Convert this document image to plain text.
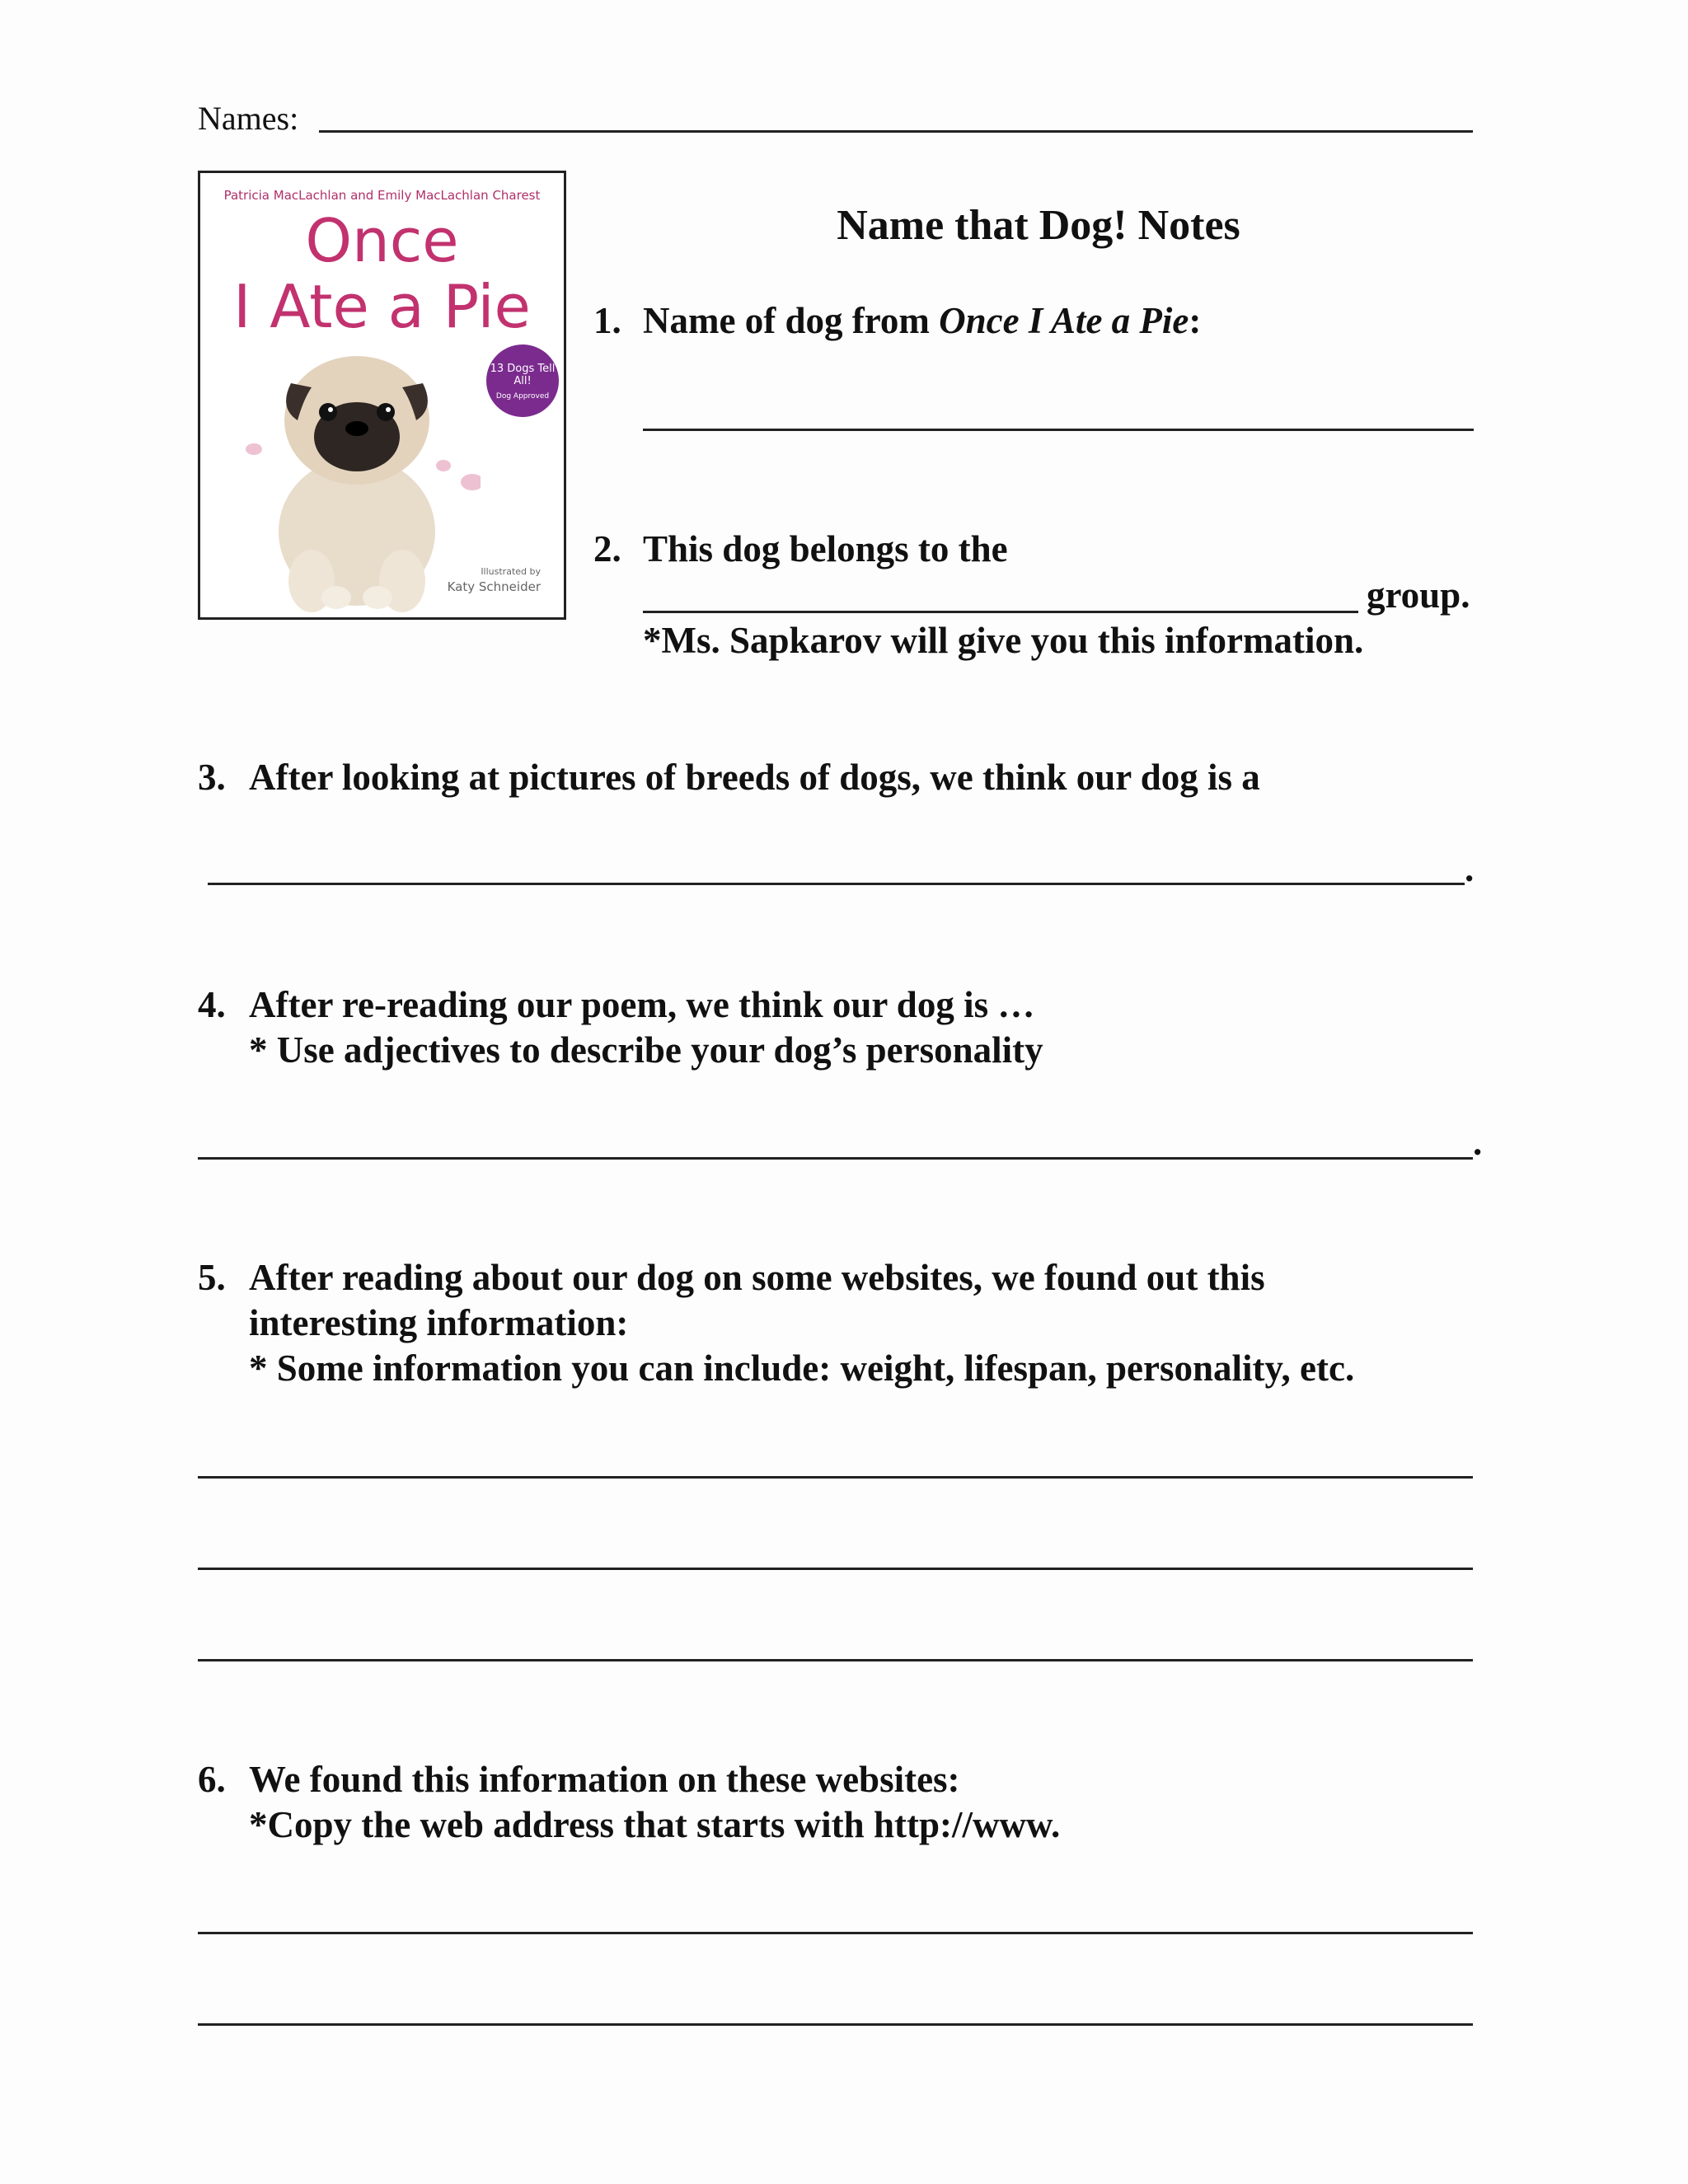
Names:
Patricia MacLachlan and Emily MacLachlan Charest
Once
I Ate a Pie
13 Dogs Tell All!
Dog Approved
Illustrated by
Katy Schneider
Name that Dog! Notes
1. Name of dog from Once I Ate a Pie:
2. This dog belongs to the
group.
*Ms. Sapkarov will give you this information.
3. After looking at pictures of breeds of dogs, we think our dog is a
.
4. After re-reading our poem, we think our dog is …
* Use adjectives to describe your dog’s personality
.
5. After reading about our dog on some websites, we found out this
interesting information:
* Some information you can include: weight, lifespan, personality, etc.
6. We found this information on these websites:
*Copy the web address that starts with http://www.
